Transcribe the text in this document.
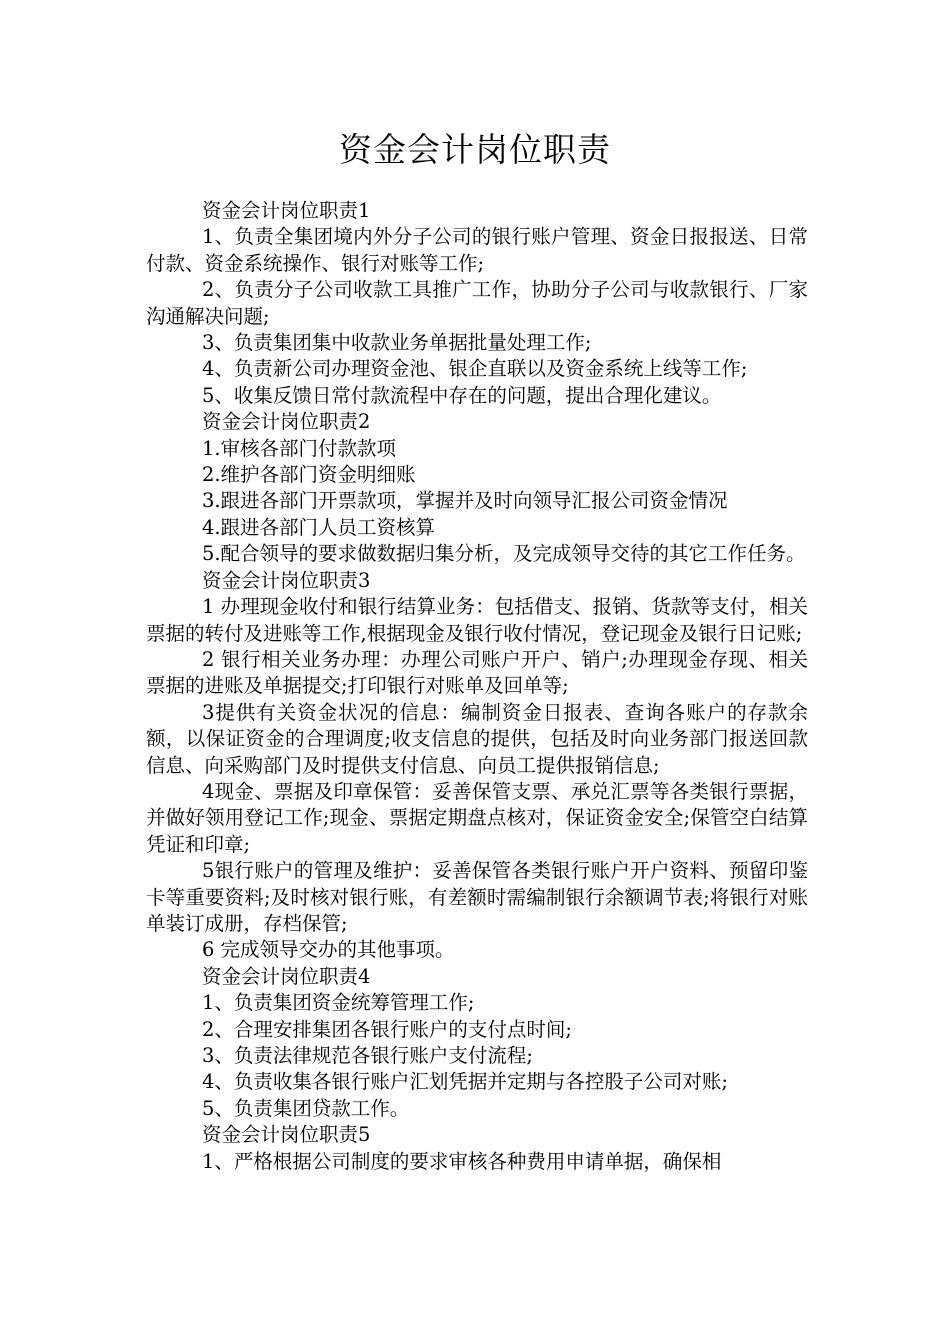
资金会计岗位职责

资金会计岗位职责1

1、负责全集团境内外分子公司的银行账户管理、资金日报报送、日常付款、资金系统操作、银行对账等工作;

2、负责分子公司收款工具推广工作，协助分子公司与收款银行、厂家沟通解决问题;

3、负责集团集中收款业务单据批量处理工作;

4、负责新公司办理资金池、银企直联以及资金系统上线等工作;

5、收集反馈日常付款流程中存在的问题，提出合理化建议。

资金会计岗位职责2

1.审核各部门付款款项

2.维护各部门资金明细账

3.跟进各部门开票款项，掌握并及时向领导汇报公司资金情况

4.跟进各部门人员工资核算

5.配合领导的要求做数据归集分析，及完成领导交待的其它工作任务。

资金会计岗位职责3

1 办理现金收付和银行结算业务：包括借支、报销、货款等支付，相关票据的转付及进账等工作,根据现金及银行收付情况，登记现金及银行日记账;

2 银行相关业务办理：办理公司账户开户、销户;办理现金存现、相关票据的进账及单据提交;打印银行对账单及回单等;

3提供有关资金状况的信息：编制资金日报表、查询各账户的存款余额，以保证资金的合理调度;收支信息的提供，包括及时向业务部门报送回款信息、向采购部门及时提供支付信息、向员工提供报销信息;

4现金、票据及印章保管：妥善保管支票、承兑汇票等各类银行票据，并做好领用登记工作;现金、票据定期盘点核对，保证资金安全;保管空白结算凭证和印章;

5银行账户的管理及维护：妥善保管各类银行账户开户资料、预留印鉴卡等重要资料;及时核对银行账，有差额时需编制银行余额调节表;将银行对账单装订成册，存档保管;

6 完成领导交办的其他事项。

资金会计岗位职责4

1、负责集团资金统筹管理工作;

2、合理安排集团各银行账户的支付点时间;

3、负责法律规范各银行账户支付流程;

4、负责收集各银行账户汇划凭据并定期与各控股子公司对账;

5、负责集团贷款工作。

资金会计岗位职责5

1、严格根据公司制度的要求审核各种费用申请单据，确保相
